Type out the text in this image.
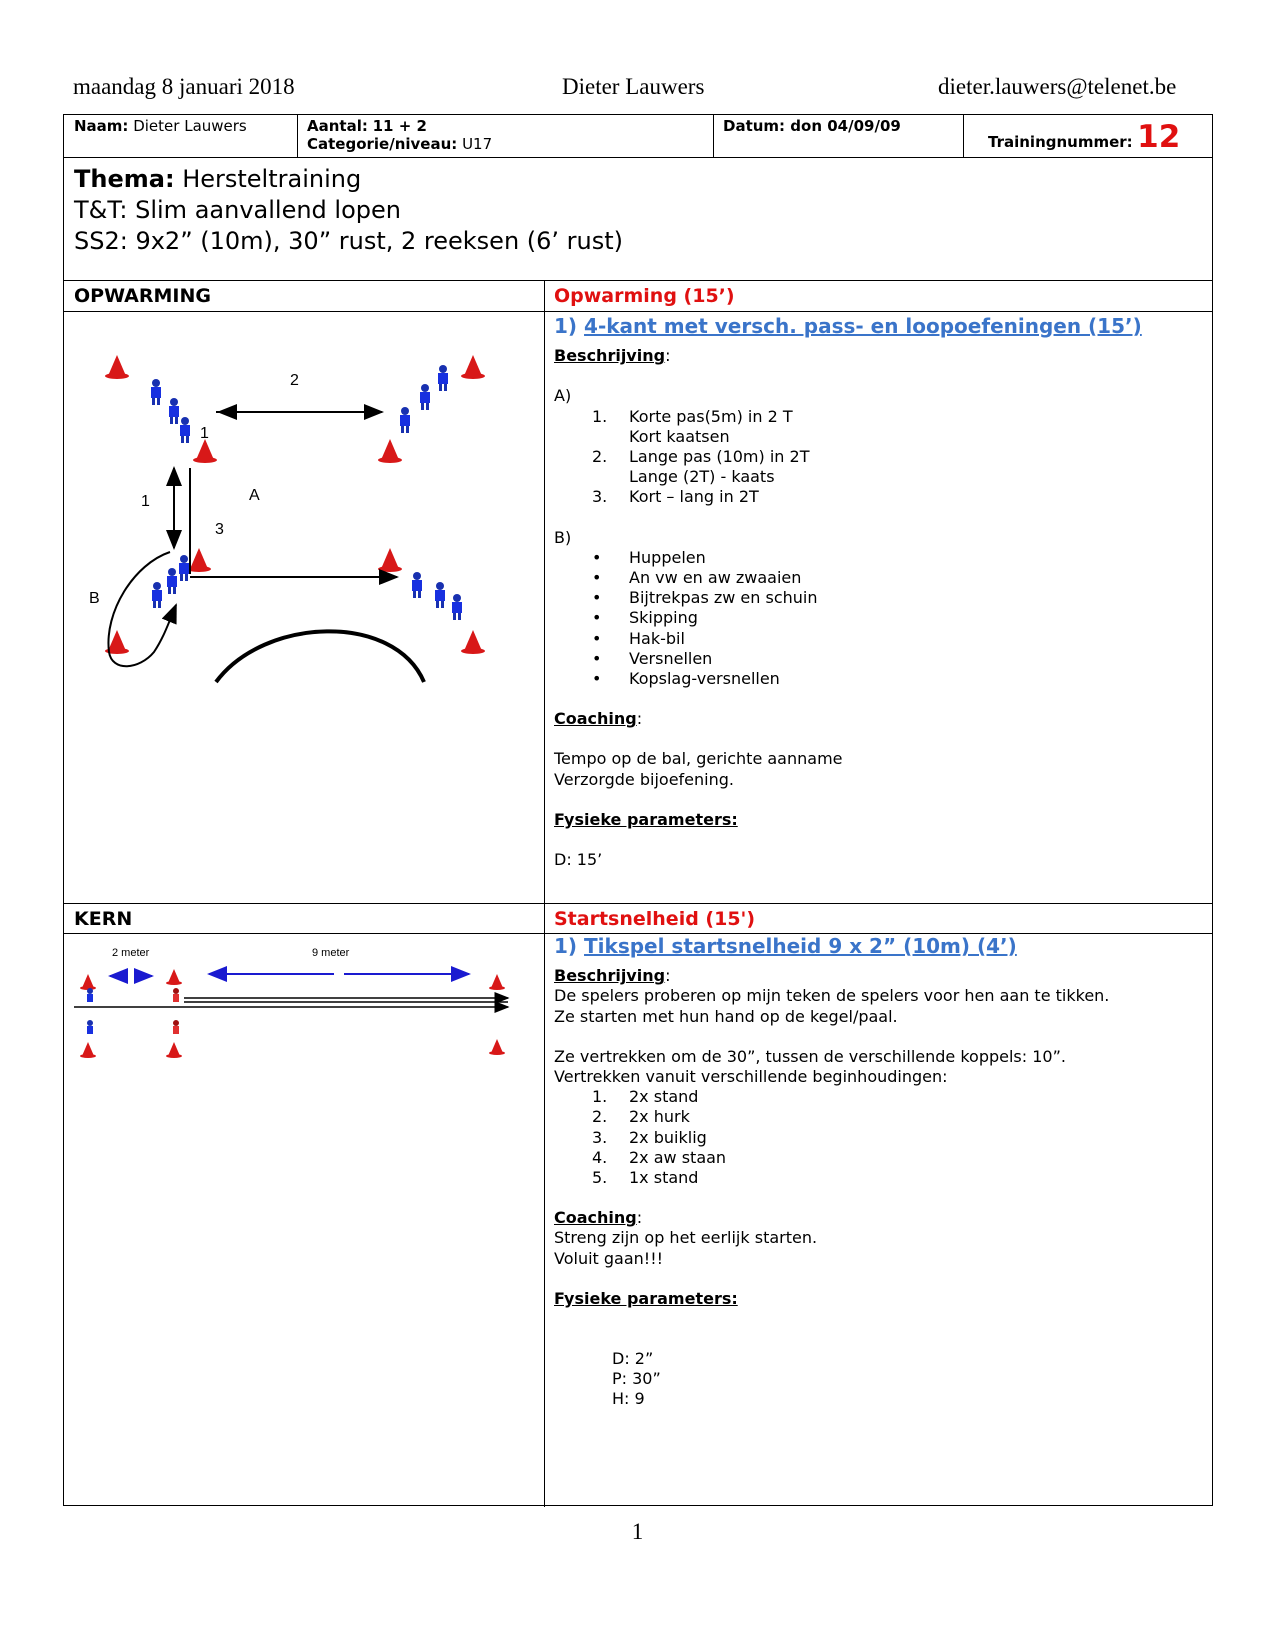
maandag 8 januari 2018	Dieter Lauwers	dieter.lauwers@telenet.be
Naam: Dieter Lauwers	Aantal: 11 + 2
Categorie/niveau: U17
Datum: don 04/09/09
Trainingnummer: 12
Thema: Hersteltraining
T&T: Slim aanvallend lopen
SS2: 9x2” (10m), 30” rust, 2 reeksen (6’ rust)
OPWARMING	Opwarming (15’)
2
1
1	A
3
B
1) 4-kant met versch. pass- en loopoefeningen (15’)

Beschrijving:

A)

1. Korte pas(5m) in 2 T
Kort kaatsen
2. Lange pas (10m) in 2T
Lange (2T) - kaats
3. Kort – lang in 2T

B)

• Huppelen
• An vw en aw zwaaien
• Bijtrekpas zw en schuin
• Skipping
• Hak-bil
• Versnellen
• Kopslag-versnellen

Coaching:

Tempo op de bal, gerichte aanname

Verzorgde bijoefening.

Fysieke parameters:

D: 15’

KERN	Startsnelheid (15')
2 meter	9 meter	1) Tikspel startsnelheid 9 x 2” (10m) (4’)

Beschrijving:

De spelers proberen op mijn teken de spelers voor hen aan te tikken.

Ze starten met hun hand op de kegel/paal.

Ze vertrekken om de 30”, tussen de verschillende koppels: 10”.

Vertrekken vanuit verschillende beginhoudingen:

1. 2x stand
2. 2x hurk
3. 2x buiklig
4. 2x aw staan
5. 1x stand

Coaching:

Streng zijn op het eerlijk starten.

Voluit gaan!!!

Fysieke parameters:

D: 2”

P: 30”

H: 9

1
